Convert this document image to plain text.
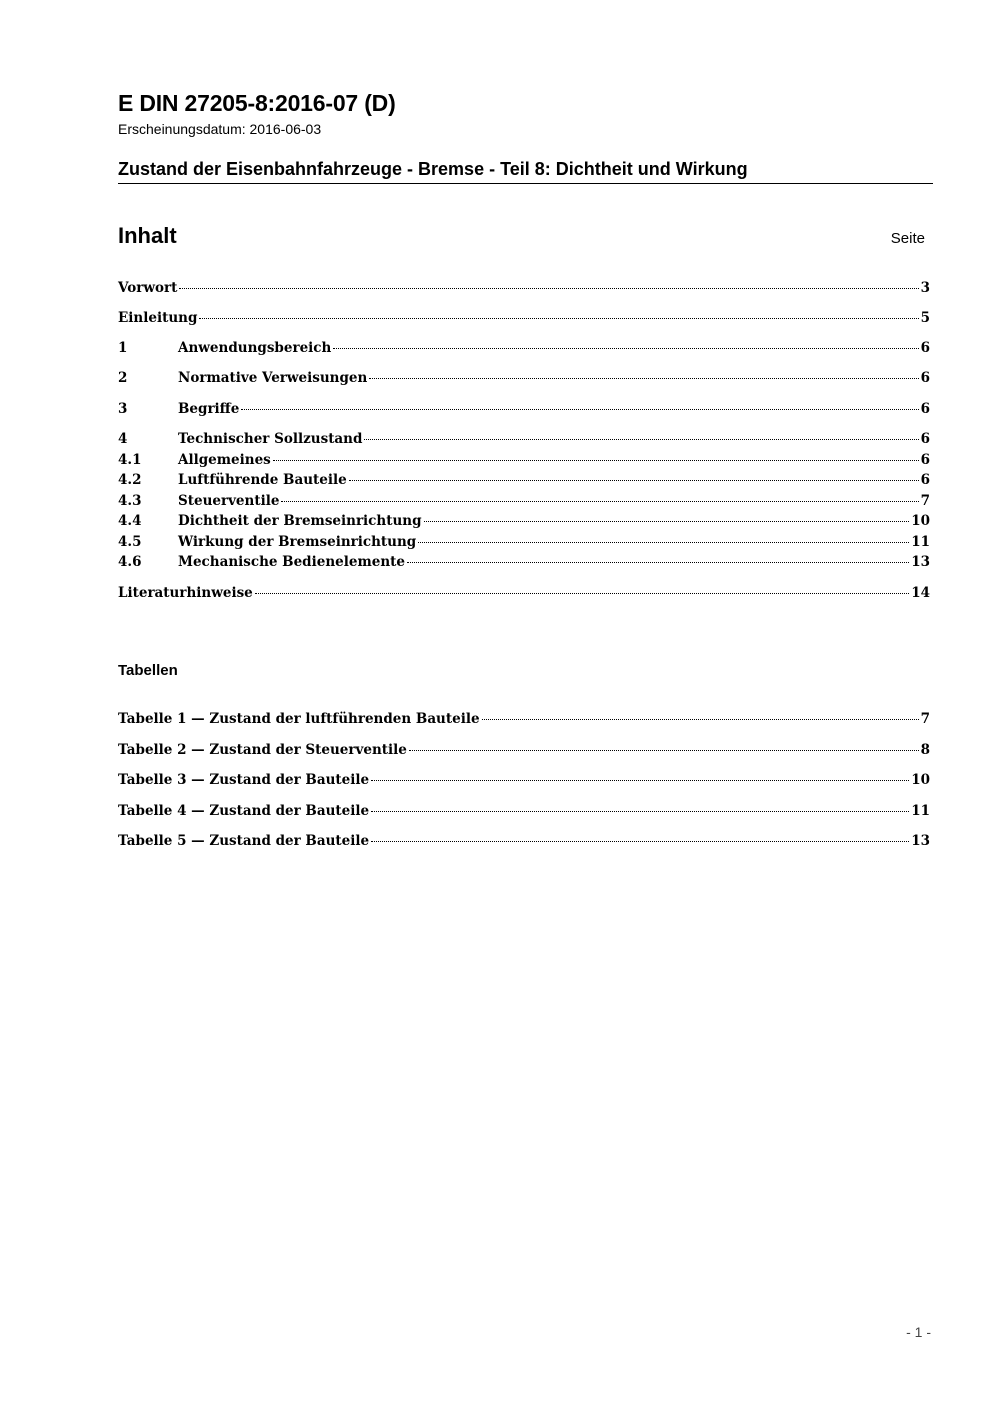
E DIN 27205-8:2016-07 (D)

Erscheinungsdatum: 2016-06-03

Zustand der Eisenbahnfahrzeuge - Bremse - Teil 8: Dichtheit und Wirkung
Inhalt	Seite
Vorwort	3
Einleitung	5
1	Anwendungsbereich	6
2	Normative Verweisungen	6
3	Begriffe	6
4	Technischer Sollzustand	6
4.1	Allgemeines	6
4.2	Luftführende Bauteile	6
4.3	Steuerventile	7
4.4	Dichtheit der Bremseinrichtung	10
4.5	Wirkung der Bremseinrichtung	11
4.6	Mechanische Bedienelemente	13
Literaturhinweise	14
Tabellen
Tabelle 1 — Zustand der luftführenden Bauteile	7
Tabelle 2 — Zustand der Steuerventile	8
Tabelle 3 — Zustand der Bauteile	10
Tabelle 4 — Zustand der Bauteile	11
Tabelle 5 — Zustand der Bauteile	13
- 1 -
